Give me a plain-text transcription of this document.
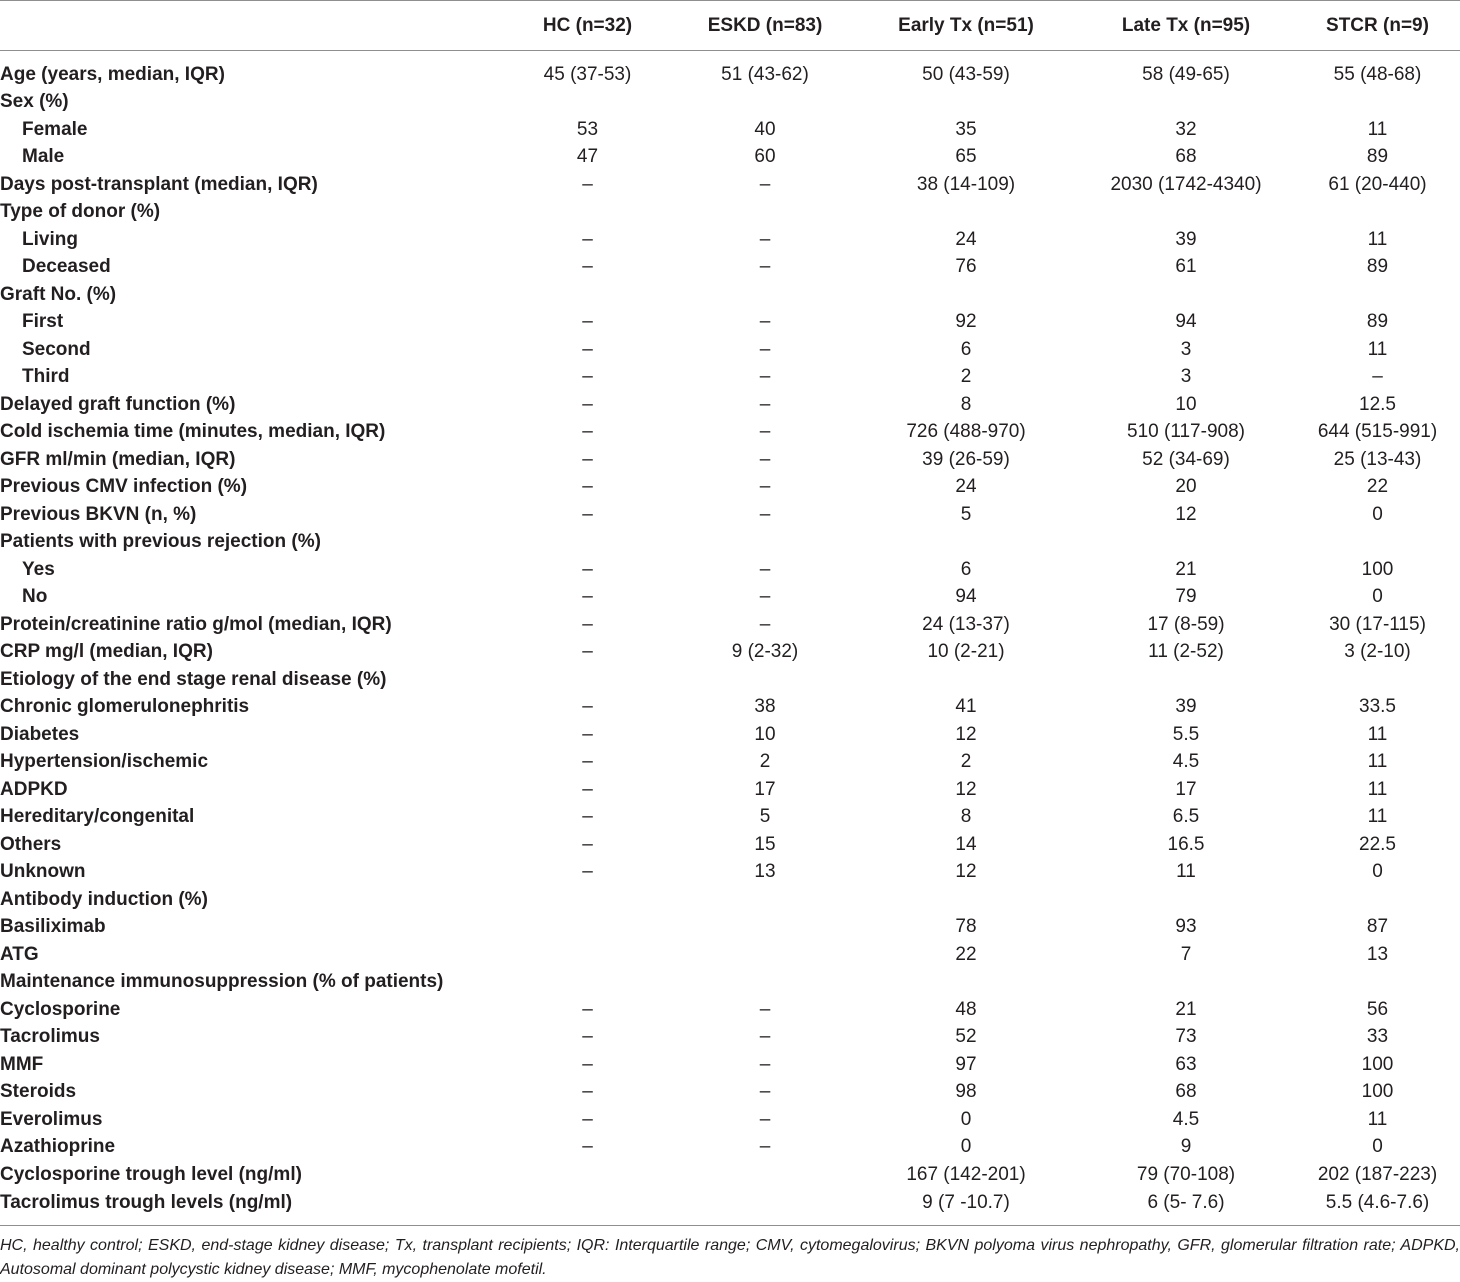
	HC (n=32)	ESKD (n=83)	Early Tx (n=51)	Late Tx (n=95)	STCR (n=9)
Age (years, median, IQR)	45 (37-53)	51 (43-62)	50 (43-59)	58 (49-65)	55 (48-68)
Sex (%)					
Female	53	40	35	32	11
Male	47	60	65	68	89
Days post-transplant (median, IQR)	–	–	38 (14-109)	2030 (1742-4340)	61 (20-440)
Type of donor (%)					
Living	–	–	24	39	11
Deceased	–	–	76	61	89
Graft No. (%)					
First	–	–	92	94	89
Second	–	–	6	3	11
Third	–	–	2	3	–
Delayed graft function (%)	–	–	8	10	12.5
Cold ischemia time (minutes, median, IQR)	–	–	726 (488-970)	510 (117-908)	644 (515-991)
GFR ml/min (median, IQR)	–	–	39 (26-59)	52 (34-69)	25 (13-43)
Previous CMV infection (%)	–	–	24	20	22
Previous BKVN (n, %)	–	–	5	12	0
Patients with previous rejection (%)					
Yes	–	–	6	21	100
No	–	–	94	79	0
Protein/creatinine ratio g/mol (median, IQR)	–	–	24 (13-37)	17 (8-59)	30 (17-115)
CRP mg/l (median, IQR)	–	9 (2-32)	10 (2-21)	11 (2-52)	3 (2-10)
Etiology of the end stage renal disease (%)					
Chronic glomerulonephritis	–	38	41	39	33.5
Diabetes	–	10	12	5.5	11
Hypertension/ischemic	–	2	2	4.5	11
ADPKD	–	17	12	17	11
Hereditary/congenital	–	5	8	6.5	11
Others	–	15	14	16.5	22.5
Unknown	–	13	12	11	0
Antibody induction (%)					
Basiliximab			78	93	87
ATG			22	7	13
Maintenance immunosuppression (% of patients)					
Cyclosporine	–	–	48	21	56
Tacrolimus	–	–	52	73	33
MMF	–	–	97	63	100
Steroids	–	–	98	68	100
Everolimus	–	–	0	4.5	11
Azathioprine	–	–	0	9	0
Cyclosporine trough level (ng/ml)			167 (142-201)	79 (70-108)	202 (187-223)
Tacrolimus trough levels (ng/ml)			9 (7 -10.7)	6 (5- 7.6)	5.5 (4.6-7.6)
HC, healthy control; ESKD, end-stage kidney disease; Tx, transplant recipients; IQR: Interquartile range; CMV, cytomegalovirus; BKVN polyoma virus nephropathy, GFR, glomerular filtration rate; ADPKD, Autosomal dominant polycystic kidney disease; MMF, mycophenolate mofetil.
